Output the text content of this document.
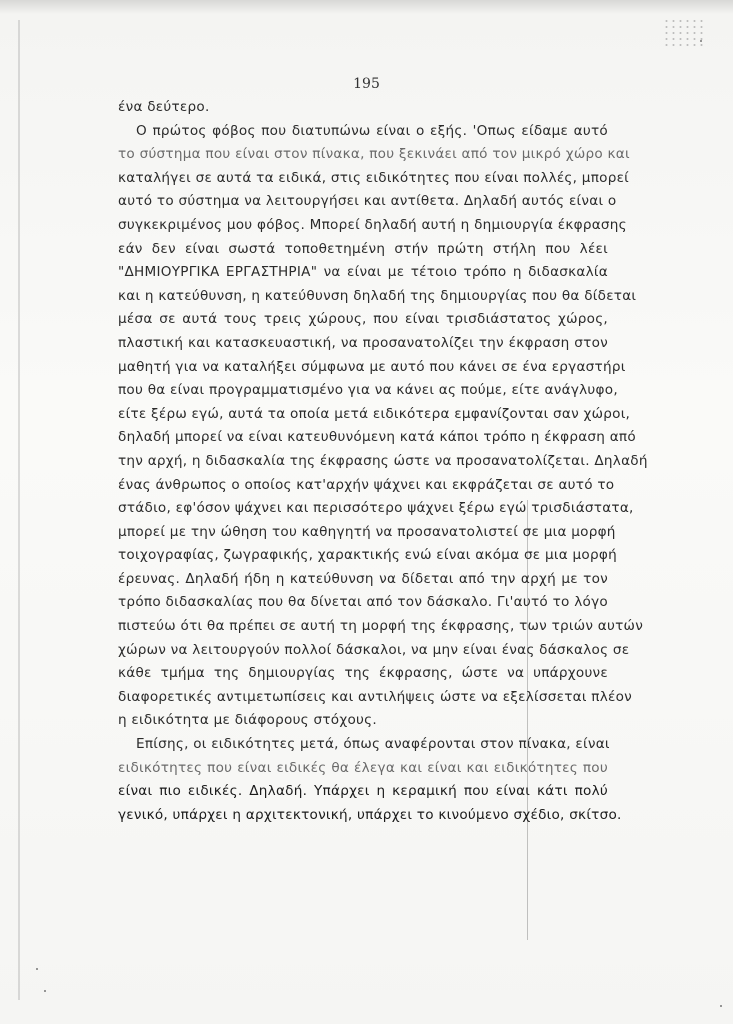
195
ένα δεύτερο.
Ο πρώτος φόβος που διατυπώνω είναι ο εξής. 'Οπως είδαμε αυτό
το σύστημα που είναι στον πίνακα, που ξεκινάει από τον μικρό χώρο και
καταλήγει σε αυτά τα ειδικά, στις ειδικότητες που είναι πολλές, μπορεί
αυτό το σύστημα να λειτουργήσει και αντίθετα. Δηλαδή αυτός είναι ο
συγκεκριμένος μου φόβος. Μπορεί δηλαδή αυτή η δημιουργία έκφρασης
εάν δεν είναι σωστά τοποθετημένη στήν πρώτη στήλη που λέει
"ΔΗΜΙΟΥΡΓΙΚΑ ΕΡΓΑΣΤΗΡΙΑ" να είναι με τέτοιο τρόπο η διδασκαλία
και η κατεύθυνση, η κατεύθυνση δηλαδή της δημιουργίας που θα δίδεται
μέσα σε αυτά τους τρεις χώρους, που είναι τρισδιάστατος χώρος,
πλαστική και κατασκευαστική, να προσανατολίζει την έκφραση στον
μαθητή για να καταλήξει σύμφωνα με αυτό που κάνει σε ένα εργαστήρι
που θα είναι προγραμματισμένο για να κάνει ας πούμε, είτε ανάγλυφο,
είτε ξέρω εγώ, αυτά τα οποία μετά ειδικότερα εμφανίζονται σαν χώροι,
δηλαδή μπορεί να είναι κατευθυνόμενη κατά κάποι τρόπο η έκφραση από
την αρχή, η διδασκαλία της έκφρασης ώστε να προσανατολίζεται. Δηλαδή
ένας άνθρωπος ο οποίος κατ'αρχήν ψάχνει και εκφράζεται σε αυτό το
στάδιο, εφ'όσον ψάχνει και περισσότερο ψάχνει ξέρω εγώ τρισδιάστατα,
μπορεί με την ώθηση του καθηγητή να προσανατολιστεί σε μια μορφή
τοιχογραφίας, ζωγραφικής, χαρακτικής ενώ είναι ακόμα σε μια μορφή
έρευνας. Δηλαδή ήδη η κατεύθυνση να δίδεται από την αρχή με τον
τρόπο διδασκαλίας που θα δίνεται από τον δάσκαλο. Γι'αυτό το λόγο
πιστεύω ότι θα πρέπει σε αυτή τη μορφή της έκφρασης, των τριών αυτών
χώρων να λειτουργούν πολλοί δάσκαλοι, να μην είναι ένας δάσκαλος σε
κάθε τμήμα της δημιουργίας της έκφρασης, ώστε να υπάρχουνε
διαφορετικές αντιμετωπίσεις και αντιλήψεις ώστε να εξελίσσεται πλέον
η ειδικότητα με διάφορους στόχους.
Επίσης, οι ειδικότητες μετά, όπως αναφέρονται στον πίνακα, είναι
ειδικότητες που είναι ειδικές θα έλεγα και είναι και ειδικότητες που
είναι πιο ειδικές. Δηλαδή. Υπάρχει η κεραμική που είναι κάτι πολύ
γενικό, υπάρχει η αρχιτεκτονική, υπάρχει το κινούμενο σχέδιο, σκίτσο.
